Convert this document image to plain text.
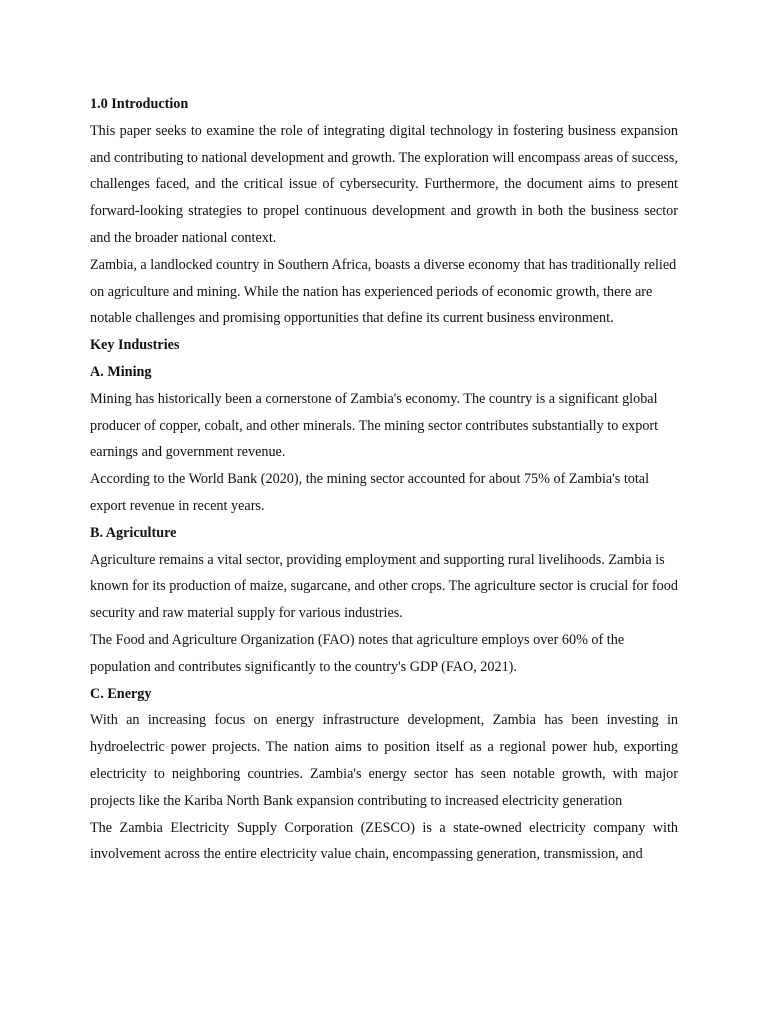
1.0 Introduction

This paper seeks to examine the role of integrating digital technology in fostering business expansion and contributing to national development and growth. The exploration will encompass areas of success, challenges faced, and the critical issue of cybersecurity. Furthermore, the document aims to present forward-looking strategies to propel continuous development and growth in both the business sector and the broader national context.

Zambia, a landlocked country in Southern Africa, boasts a diverse economy that has traditionally relied on agriculture and mining. While the nation has experienced periods of economic growth, there are notable challenges and promising opportunities that define its current business environment.

Key Industries
A. Mining

Mining has historically been a cornerstone of Zambia's economy. The country is a significant global producer of copper, cobalt, and other minerals. The mining sector contributes substantially to export earnings and government revenue.

According to the World Bank (2020), the mining sector accounted for about 75% of Zambia's total export revenue in recent years.

B. Agriculture

Agriculture remains a vital sector, providing employment and supporting rural livelihoods. Zambia is known for its production of maize, sugarcane, and other crops. The agriculture sector is crucial for food security and raw material supply for various industries.

The Food and Agriculture Organization (FAO) notes that agriculture employs over 60% of the population and contributes significantly to the country's GDP (FAO, 2021).

C. Energy

With an increasing focus on energy infrastructure development, Zambia has been investing in hydroelectric power projects. The nation aims to position itself as a regional power hub, exporting electricity to neighboring countries. Zambia's energy sector has seen notable growth, with major projects like the Kariba North Bank expansion contributing to increased electricity generation

The Zambia Electricity Supply Corporation (ZESCO) is a state-owned electricity company with involvement across the entire electricity value chain, encompassing generation, transmission, and
